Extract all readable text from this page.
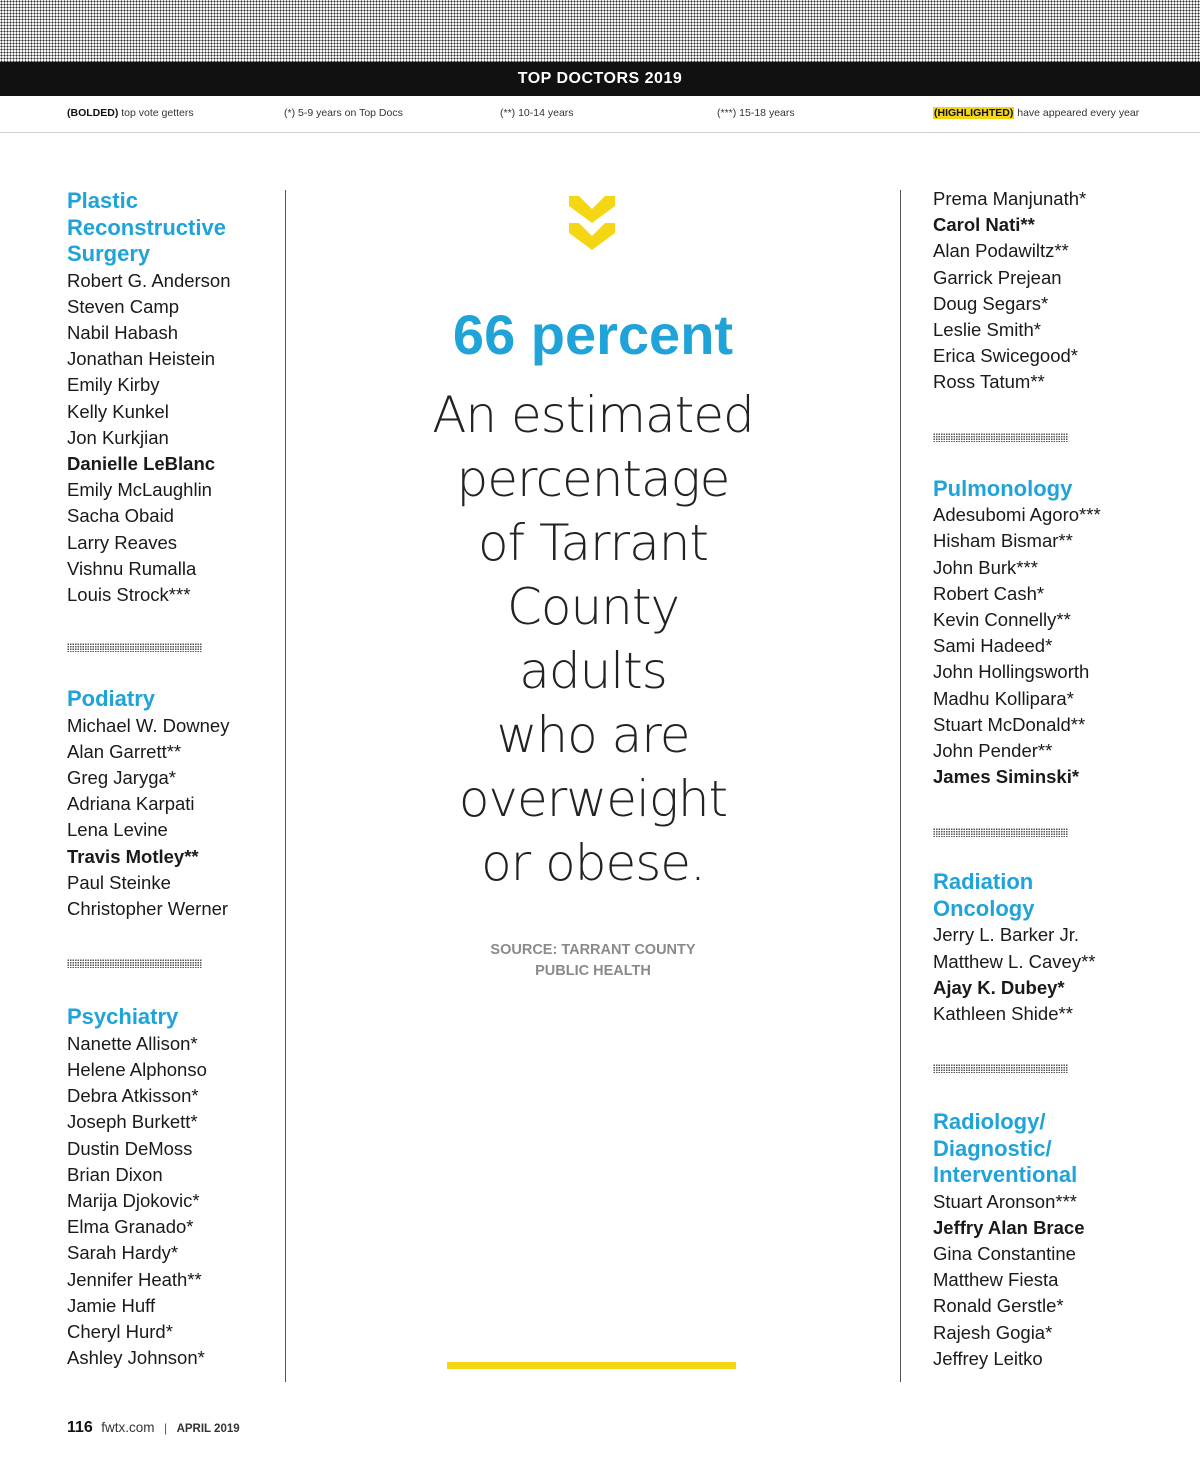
TOP DOCTORS 2019
(BOLDED) top vote getters	(*) 5-9 years on Top Docs	(**) 10-14 years	(***) 15-18 years	(HIGHLIGHTED) have appeared every year
Plastic
Reconstructive
Surgery
Robert G. Anderson
Steven Camp
Nabil Habash
Jonathan Heistein
Emily Kirby
Kelly Kunkel
Jon Kurkjian
Danielle LeBlanc
Emily McLaughlin
Sacha Obaid
Larry Reaves
Vishnu Rumalla
Louis Strock***
Podiatry
Michael W. Downey
Alan Garrett**
Greg Jaryga*
Adriana Karpati
Lena Levine
Travis Motley**
Paul Steinke
Christopher Werner
Psychiatry
Nanette Allison*
Helene Alphonso
Debra Atkisson*
Joseph Burkett*
Dustin DeMoss
Brian Dixon
Marija Djokovic*
Elma Granado*
Sarah Hardy*
Jennifer Heath**
Jamie Huff
Cheryl Hurd*
Ashley Johnson*
66 percent
An estimated
percentage
of Tarrant
County
adults
who are
overweight
or obese.
SOURCE: TARRANT COUNTY
PUBLIC HEALTH
Prema Manjunath*
Carol Nati**
Alan Podawiltz**
Garrick Prejean
Doug Segars*
Leslie Smith*
Erica Swicegood*
Ross Tatum**
Pulmonology
Adesubomi Agoro***
Hisham Bismar**
John Burk***
Robert Cash*
Kevin Connelly**
Sami Hadeed*
John Hollingsworth
Madhu Kollipara*
Stuart McDonald**
John Pender**
James Siminski*
Radiation
Oncology
Jerry L. Barker Jr.
Matthew L. Cavey**
Ajay K. Dubey*
Kathleen Shide**
Radiology/
Diagnostic/
Interventional
Stuart Aronson***
Jeffry Alan Brace
Gina Constantine
Matthew Fiesta
Ronald Gerstle*
Rajesh Gogia*
Jeffrey Leitko
116 fwtx.com | APRIL 2019
